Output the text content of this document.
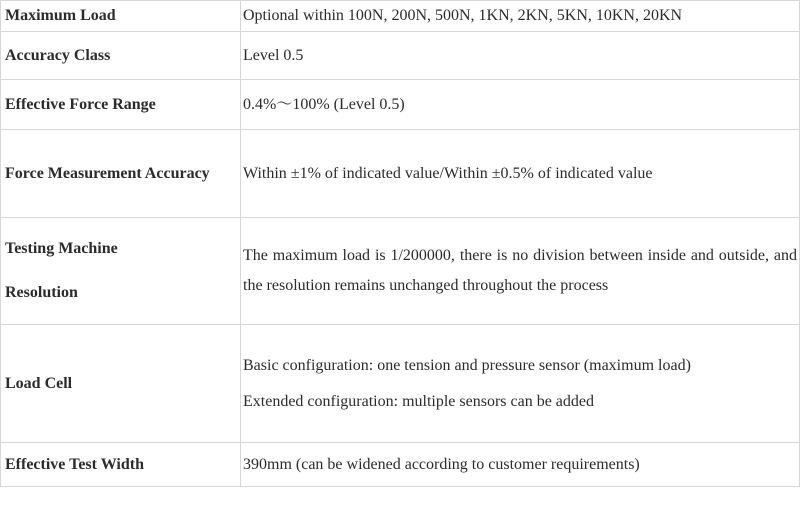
Maximum Load	Optional within 100N, 200N, 500N, 1KN, 2KN, 5KN, 10KN, 20KN

Accuracy Class	Level 0.5

Effective Force Range	0.4%～100% (Level 0.5)

Force Measurement Accuracy	Within ±1% of indicated value/Within ±0.5% of indicated value

Testing Machine Resolution	The maximum load is 1/200000, there is no division between inside and outside, and the resolution remains unchanged throughout the process

Load Cell	Basic configuration: one tension and pressure sensor (maximum load)
Extended configuration: multiple sensors can be added

Effective Test Width	390mm (can be widened according to customer requirements)
